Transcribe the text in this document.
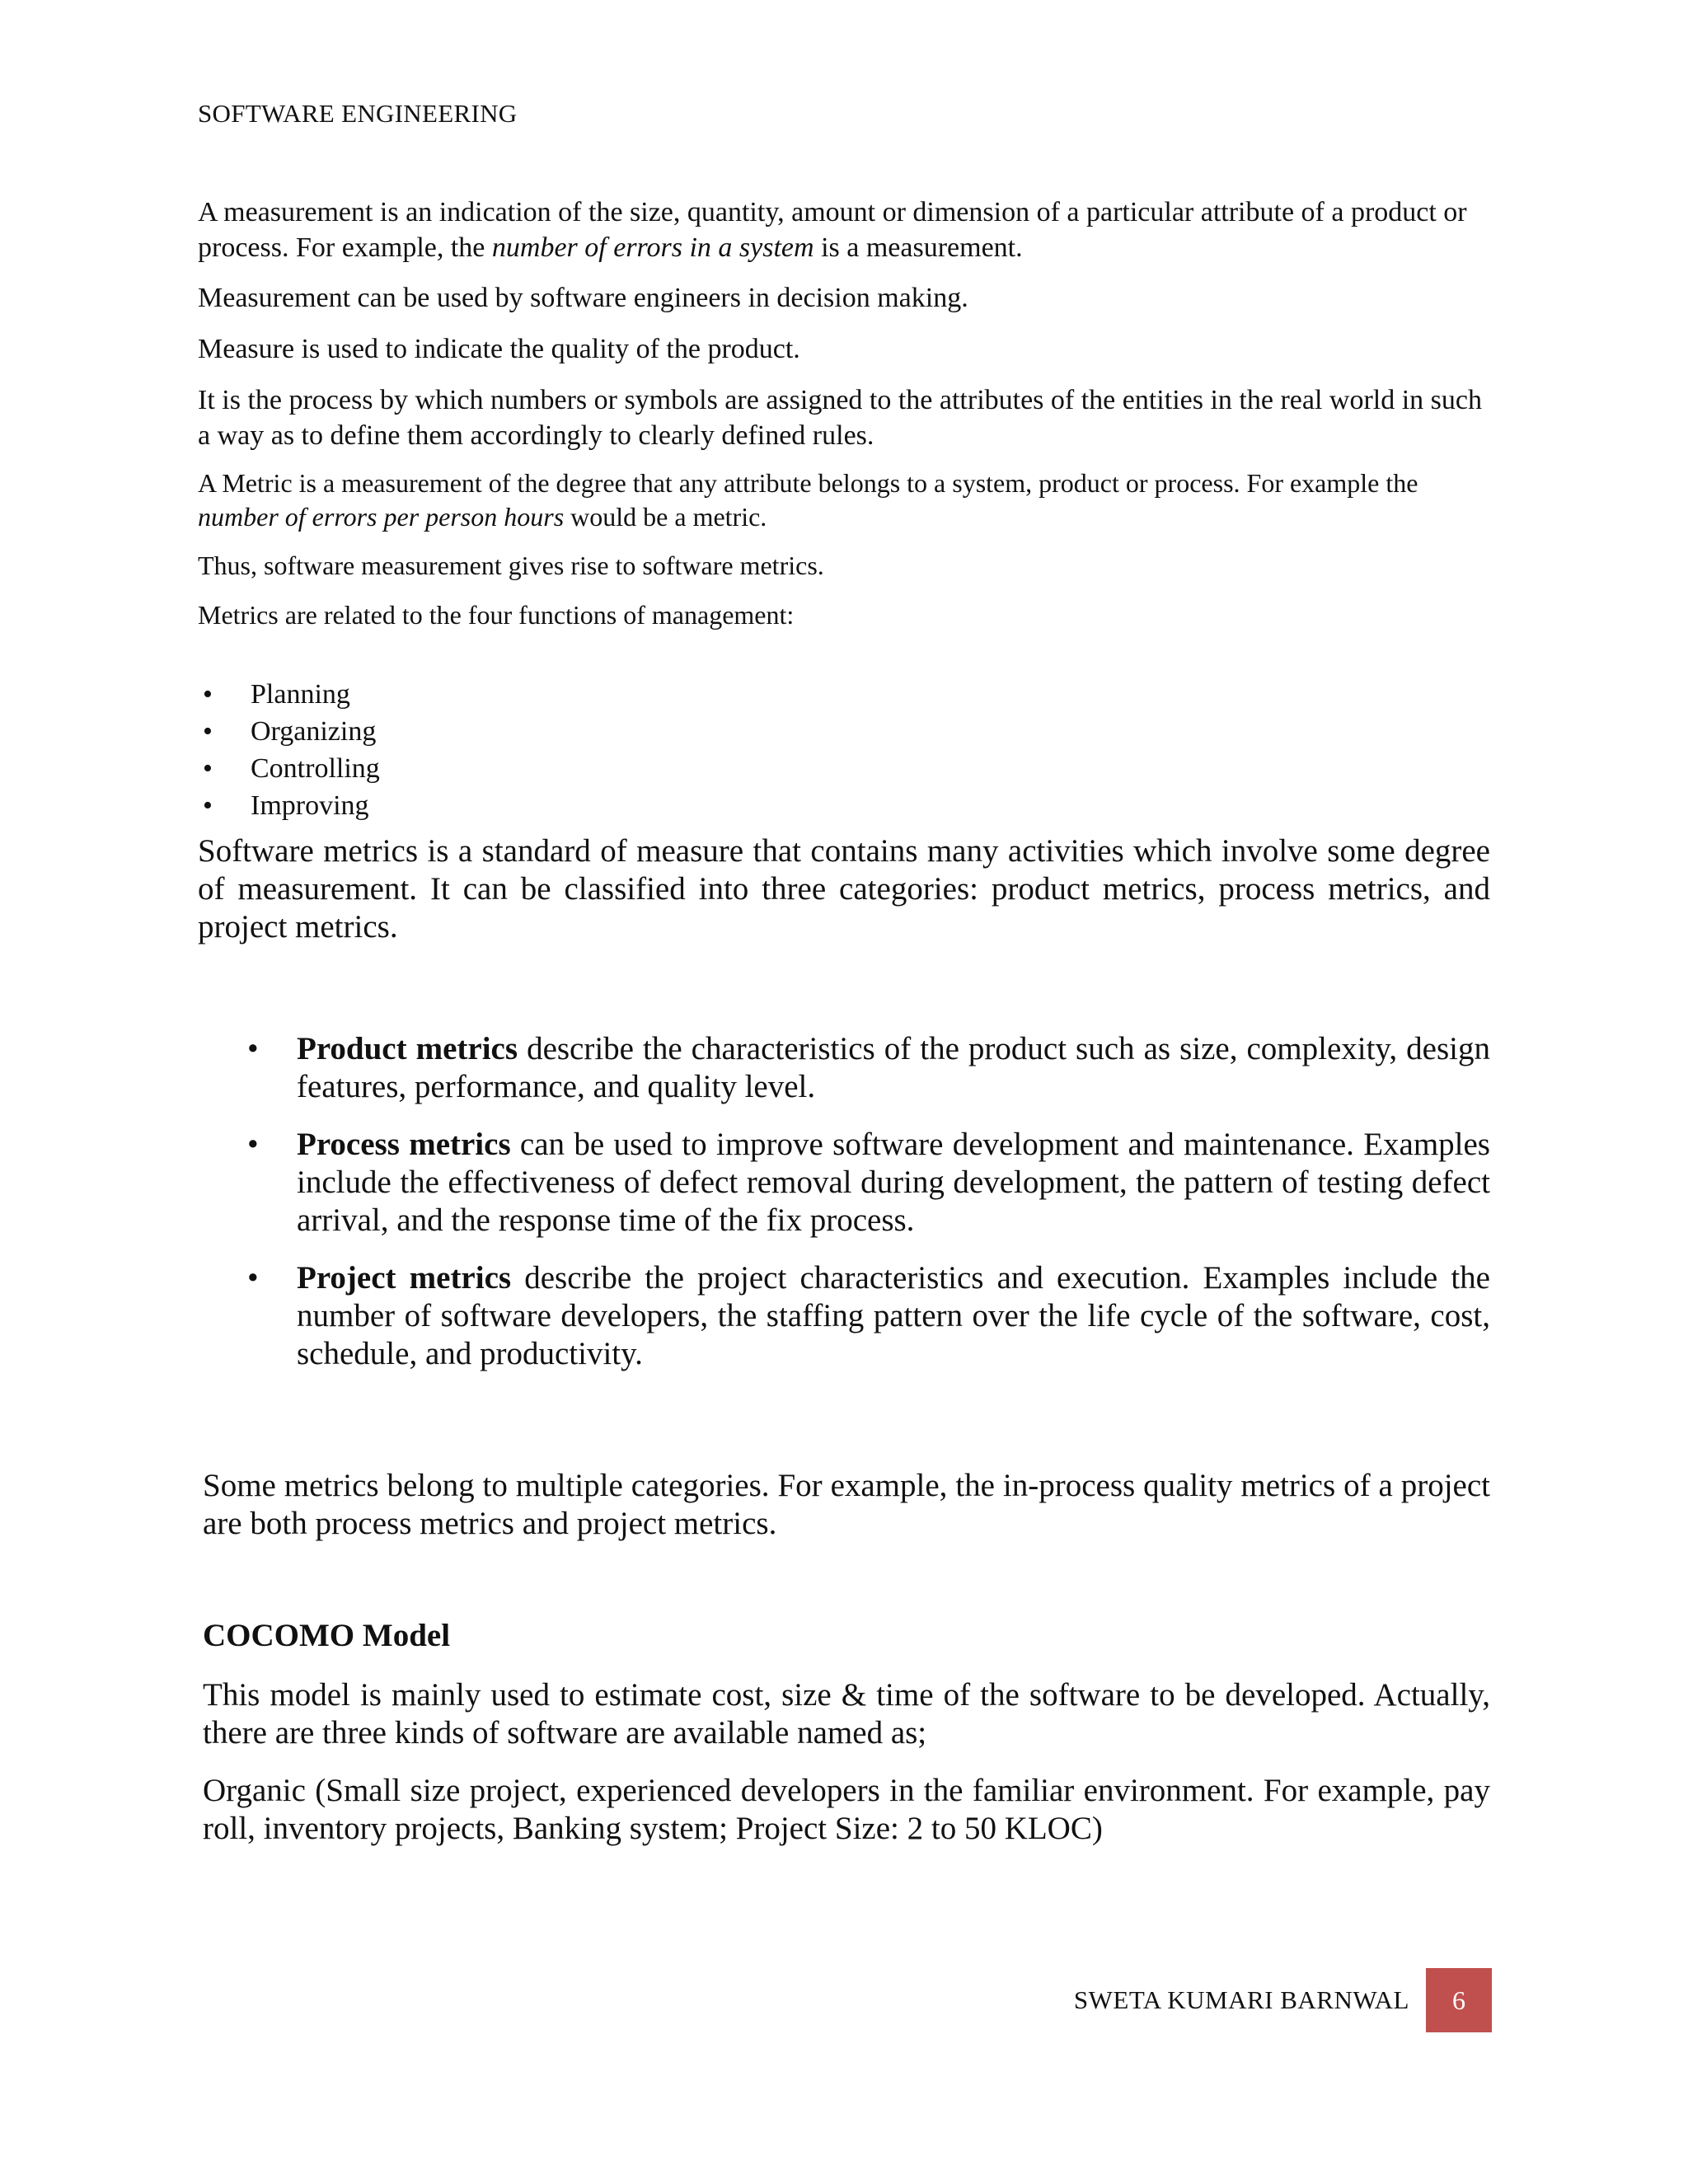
SOFTWARE ENGINEERING

A measurement is an indication of the size, quantity, amount or dimension of a particular attribute of a product or process. For example, the number of errors in a system is a measurement.

Measurement can be used by software engineers in decision making.

Measure is used to indicate the quality of the product.

It is the process by which numbers or symbols are assigned to the attributes of the entities in the real world in such a way as to define them accordingly to clearly defined rules.

A Metric is a measurement of the degree that any attribute belongs to a system, product or process. For example the number of errors per person hours would be a metric.

Thus, software measurement gives rise to software metrics.

Metrics are related to the four functions of management:

• Planning
• Organizing
• Controlling
• Improving

Software metrics is a standard of measure that contains many activities which involve some degree of measurement. It can be classified into three categories: product metrics, process metrics, and project metrics.

• Product metrics describe the characteristics of the product such as size, complexity, design features, performance, and quality level.
• Process metrics can be used to improve software development and maintenance. Examples include the effectiveness of defect removal during development, the pattern of testing defect arrival, and the response time of the fix process.
• Project metrics describe the project characteristics and execution. Examples include the number of software developers, the staffing pattern over the life cycle of the software, cost, schedule, and productivity.

Some metrics belong to multiple categories. For example, the in-process quality metrics of a project are both process metrics and project metrics.

COCOMO Model

This model is mainly used to estimate cost, size & time of the software to be developed. Actually, there are three kinds of software are available named as;

Organic (Small size project, experienced developers in the familiar environment. For example, pay roll, inventory projects, Banking system; Project Size: 2 to 50 KLOC)

SWETA KUMARI BARNWAL 6
